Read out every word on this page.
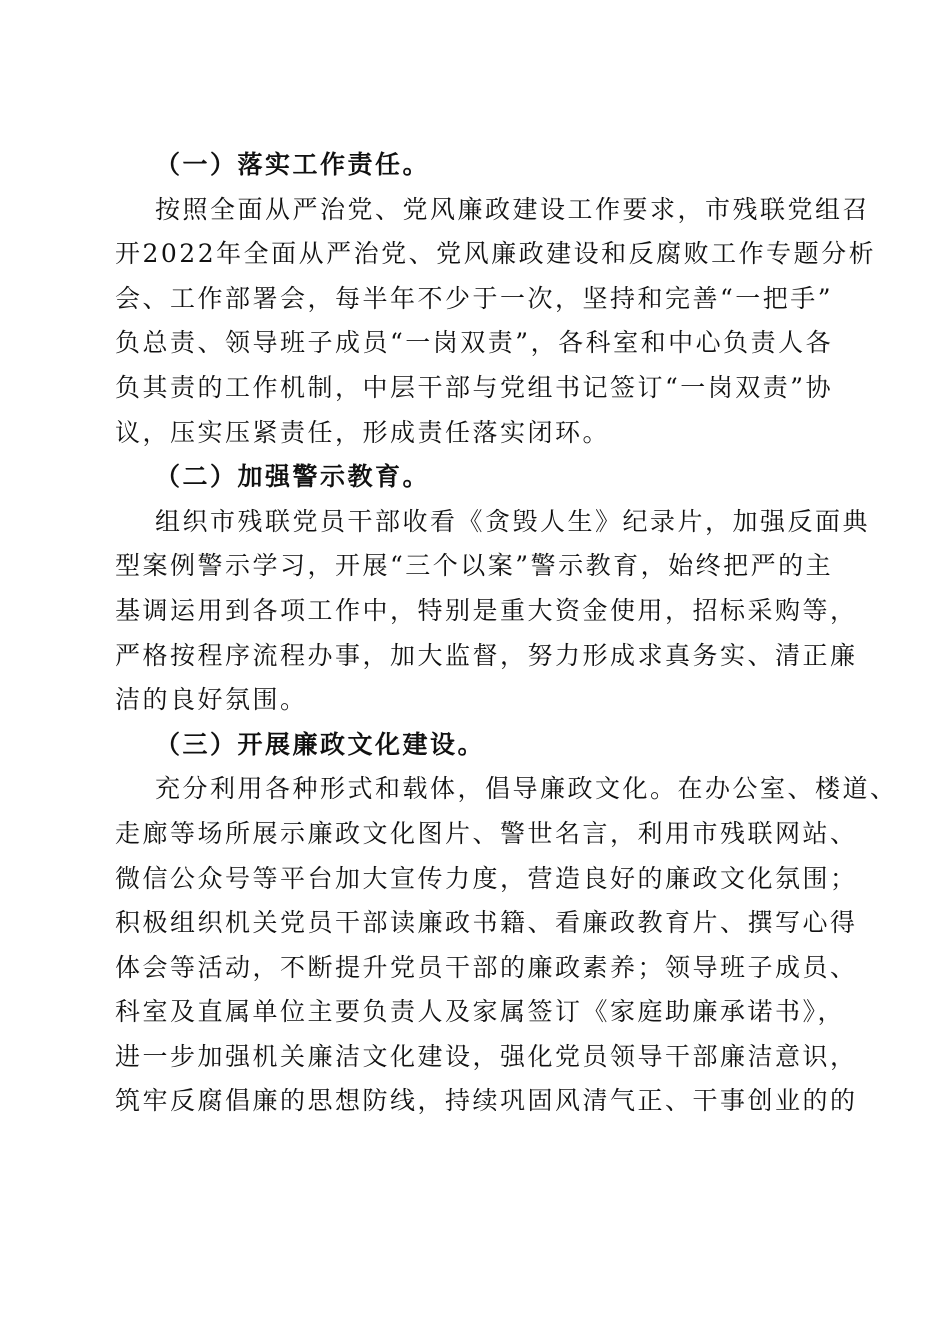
（一）落实工作责任。
按照全面从严治党、党风廉政建设工作要求，市残联党组召
开2022年全面从严治党、党风廉政建设和反腐败工作专题分析
会、工作部署会，每半年不少于一次，坚持和完善“一把手”
负总责、领导班子成员“一岗双责”，各科室和中心负责人各
负其责的工作机制，中层干部与党组书记签订“一岗双责”协
议，压实压紧责任，形成责任落实闭环。
（二）加强警示教育。
组织市残联党员干部收看《贪毁人生》纪录片，加强反面典
型案例警示学习，开展“三个以案”警示教育，始终把严的主
基调运用到各项工作中，特别是重大资金使用，招标采购等，
严格按程序流程办事，加大监督，努力形成求真务实、清正廉
洁的良好氛围。
（三）开展廉政文化建设。
充分利用各种形式和载体，倡导廉政文化。在办公室、楼道、
走廊等场所展示廉政文化图片、警世名言，利用市残联网站、
微信公众号等平台加大宣传力度，营造良好的廉政文化氛围；
积极组织机关党员干部读廉政书籍、看廉政教育片、撰写心得
体会等活动，不断提升党员干部的廉政素养；领导班子成员、
科室及直属单位主要负责人及家属签订《家庭助廉承诺书》，
进一步加强机关廉洁文化建设，强化党员领导干部廉洁意识，
筑牢反腐倡廉的思想防线，持续巩固风清气正、干事创业的的
